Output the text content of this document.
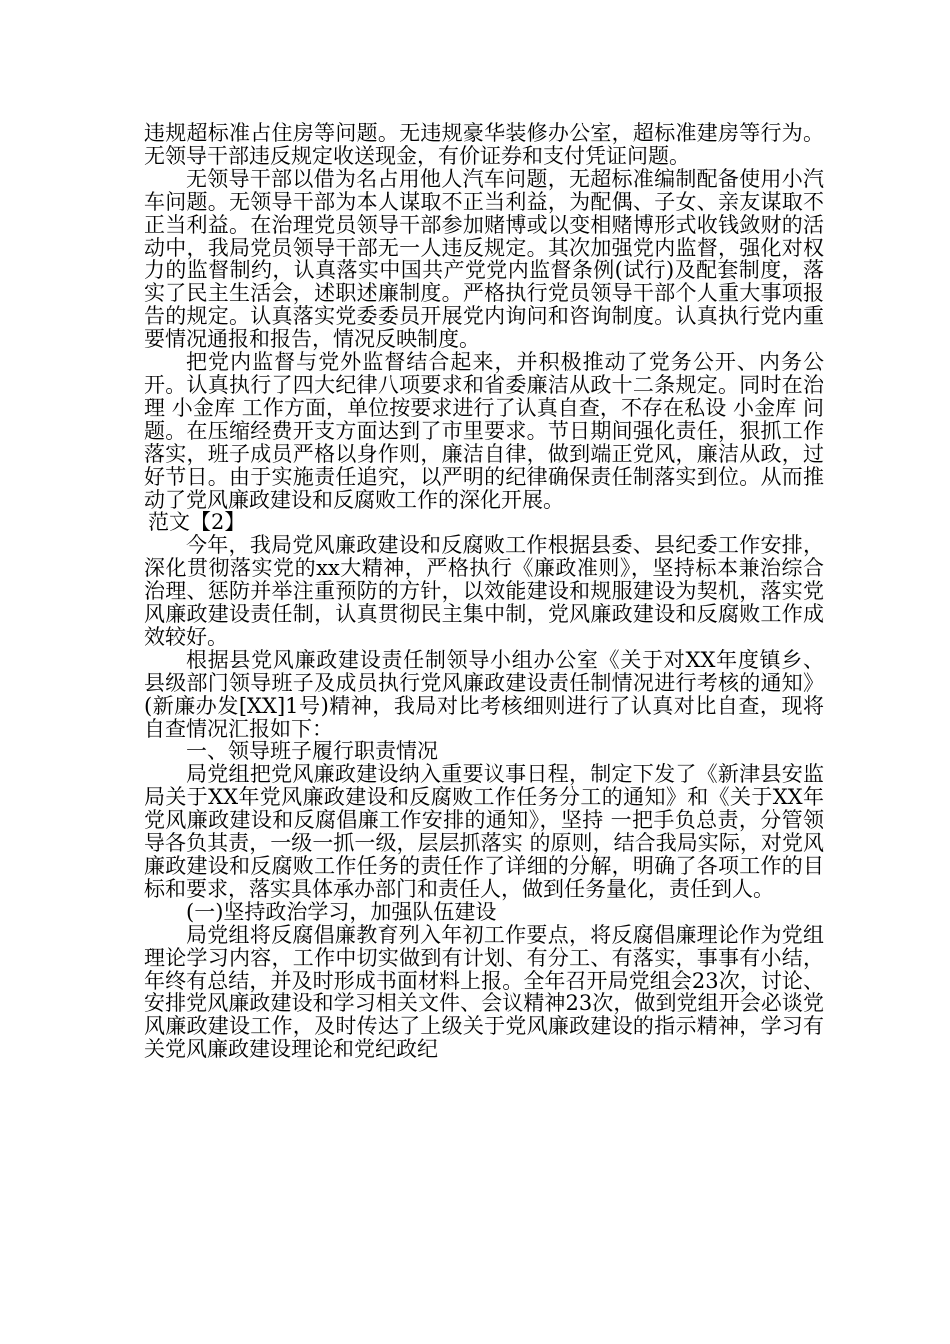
违规超标准占住房等问题。无违规豪华装修办公室，超标准建房等行为。无领导干部违反规定收送现金，有价证券和支付凭证问题。

无领导干部以借为名占用他人汽车问题，无超标准编制配备使用小汽车问题。无领导干部为本人谋取不正当利益，为配偶、子女、亲友谋取不正当利益。在治理党员领导干部参加赌博或以变相赌博形式收钱敛财的活动中，我局党员领导干部无一人违反规定。其次加强党内监督，强化对权力的监督制约，认真落实中国共产党党内监督条例(试行)及配套制度，落实了民主生活会，述职述廉制度。严格执行党员领导干部个人重大事项报告的规定。认真落实党委委员开展党内询问和咨询制度。认真执行党内重要情况通报和报告，情况反映制度。

把党内监督与党外监督结合起来，并积极推动了党务公开、内务公开。认真执行了四大纪律八项要求和省委廉洁从政十二条规定。同时在治理 小金库 工作方面，单位按要求进行了认真自查，不存在私设 小金库 问题。在压缩经费开支方面达到了市里要求。节日期间强化责任，狠抓工作落实，班子成员严格以身作则，廉洁自律，做到端正党风，廉洁从政，过好节日。由于实施责任追究，以严明的纪律确保责任制落实到位。从而推动了党风廉政建设和反腐败工作的深化开展。

范文【2】

今年，我局党风廉政建设和反腐败工作根据县委、县纪委工作安排，深化贯彻落实党的xx大精神，严格执行《廉政准则》，坚持标本兼治综合治理、惩防并举注重预防的方针，以效能建设和规服建设为契机，落实党风廉政建设责任制，认真贯彻民主集中制，党风廉政建设和反腐败工作成效较好。

根据县党风廉政建设责任制领导小组办公室《关于对XX年度镇乡、县级部门领导班子及成员执行党风廉政建设责任制情况进行考核的通知》(新廉办发[XX]1号)精神，我局对比考核细则进行了认真对比自查，现将自查情况汇报如下：

一、领导班子履行职责情况

局党组把党风廉政建设纳入重要议事日程，制定下发了《新津县安监局关于XX年党风廉政建设和反腐败工作任务分工的通知》和《关于XX年党风廉政建设和反腐倡廉工作安排的通知》，坚持 一把手负总责，分管领导各负其责，一级一抓一级，层层抓落实 的原则，结合我局实际，对党风廉政建设和反腐败工作任务的责任作了详细的分解，明确了各项工作的目标和要求，落实具体承办部门和责任人，做到任务量化，责任到人。

(一)坚持政治学习，加强队伍建设

局党组将反腐倡廉教育列入年初工作要点，将反腐倡廉理论作为党组理论学习内容，工作中切实做到有计划、有分工、有落实，事事有小结，年终有总结，并及时形成书面材料上报。全年召开局党组会23次，讨论、安排党风廉政建设和学习相关文件、会议精神23次，做到党组开会必谈党风廉政建设工作，及时传达了上级关于党风廉政建设的指示精神，学习有关党风廉政建设理论和党纪政纪
